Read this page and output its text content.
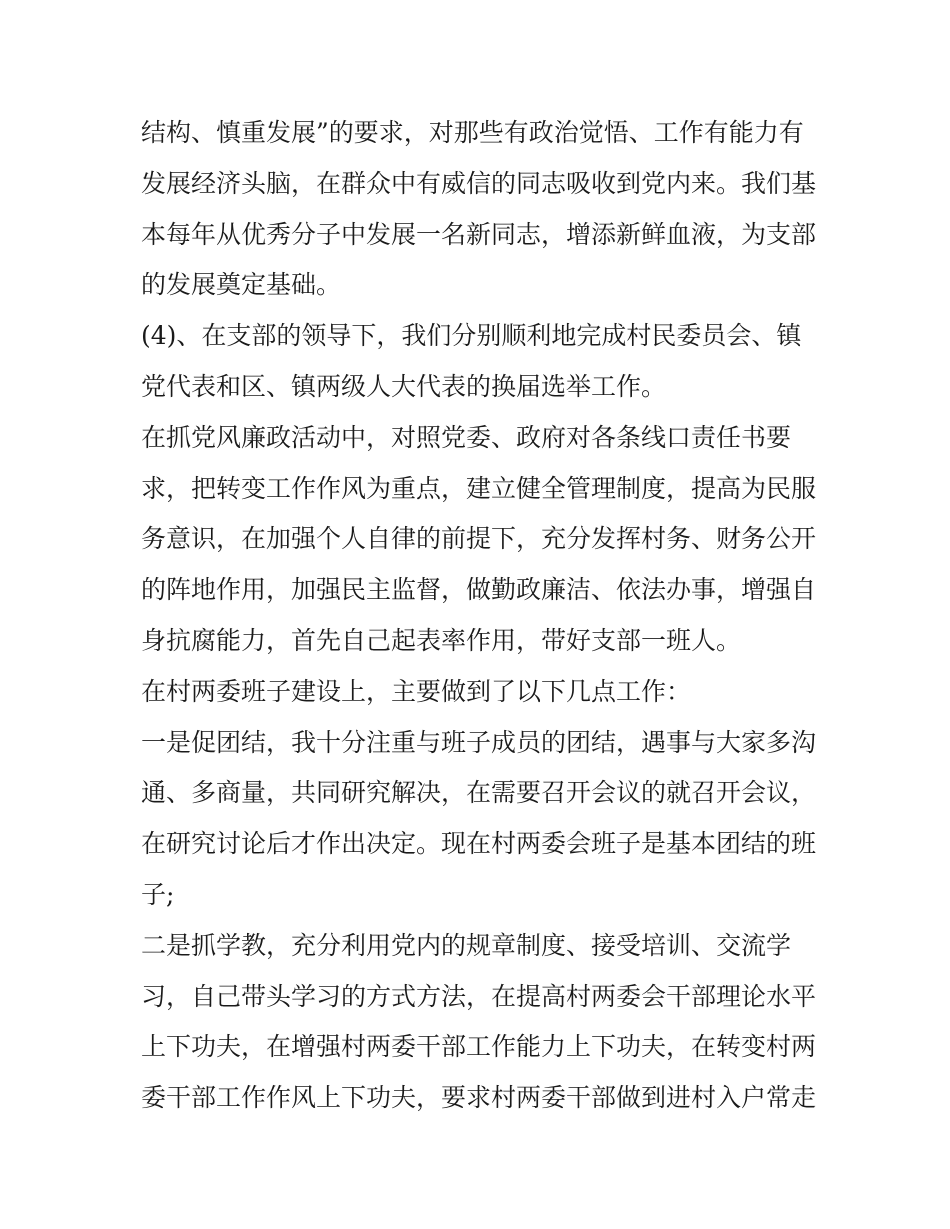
结构、慎重发展”的要求，对那些有政治觉悟、工作有能力有
发展经济头脑，在群众中有威信的同志吸收到党内来。我们基
本每年从优秀分子中发展一名新同志，增添新鲜血液，为支部
的发展奠定基础。
(4)、在支部的领导下，我们分别顺利地完成村民委员会、镇
党代表和区、镇两级人大代表的换届选举工作。
在抓党风廉政活动中，对照党委、政府对各条线口责任书要
求，把转变工作作风为重点，建立健全管理制度，提高为民服
务意识，在加强个人自律的前提下，充分发挥村务、财务公开
的阵地作用，加强民主监督，做勤政廉洁、依法办事，增强自
身抗腐能力，首先自己起表率作用，带好支部一班人。
在村两委班子建设上，主要做到了以下几点工作：
一是促团结，我十分注重与班子成员的团结，遇事与大家多沟
通、多商量，共同研究解决，在需要召开会议的就召开会议，
在研究讨论后才作出决定。现在村两委会班子是基本团结的班
子;
二是抓学教，充分利用党内的规章制度、接受培训、交流学
习，自己带头学习的方式方法，在提高村两委会干部理论水平
上下功夫，在增强村两委干部工作能力上下功夫，在转变村两
委干部工作作风上下功夫，要求村两委干部做到进村入户常走
